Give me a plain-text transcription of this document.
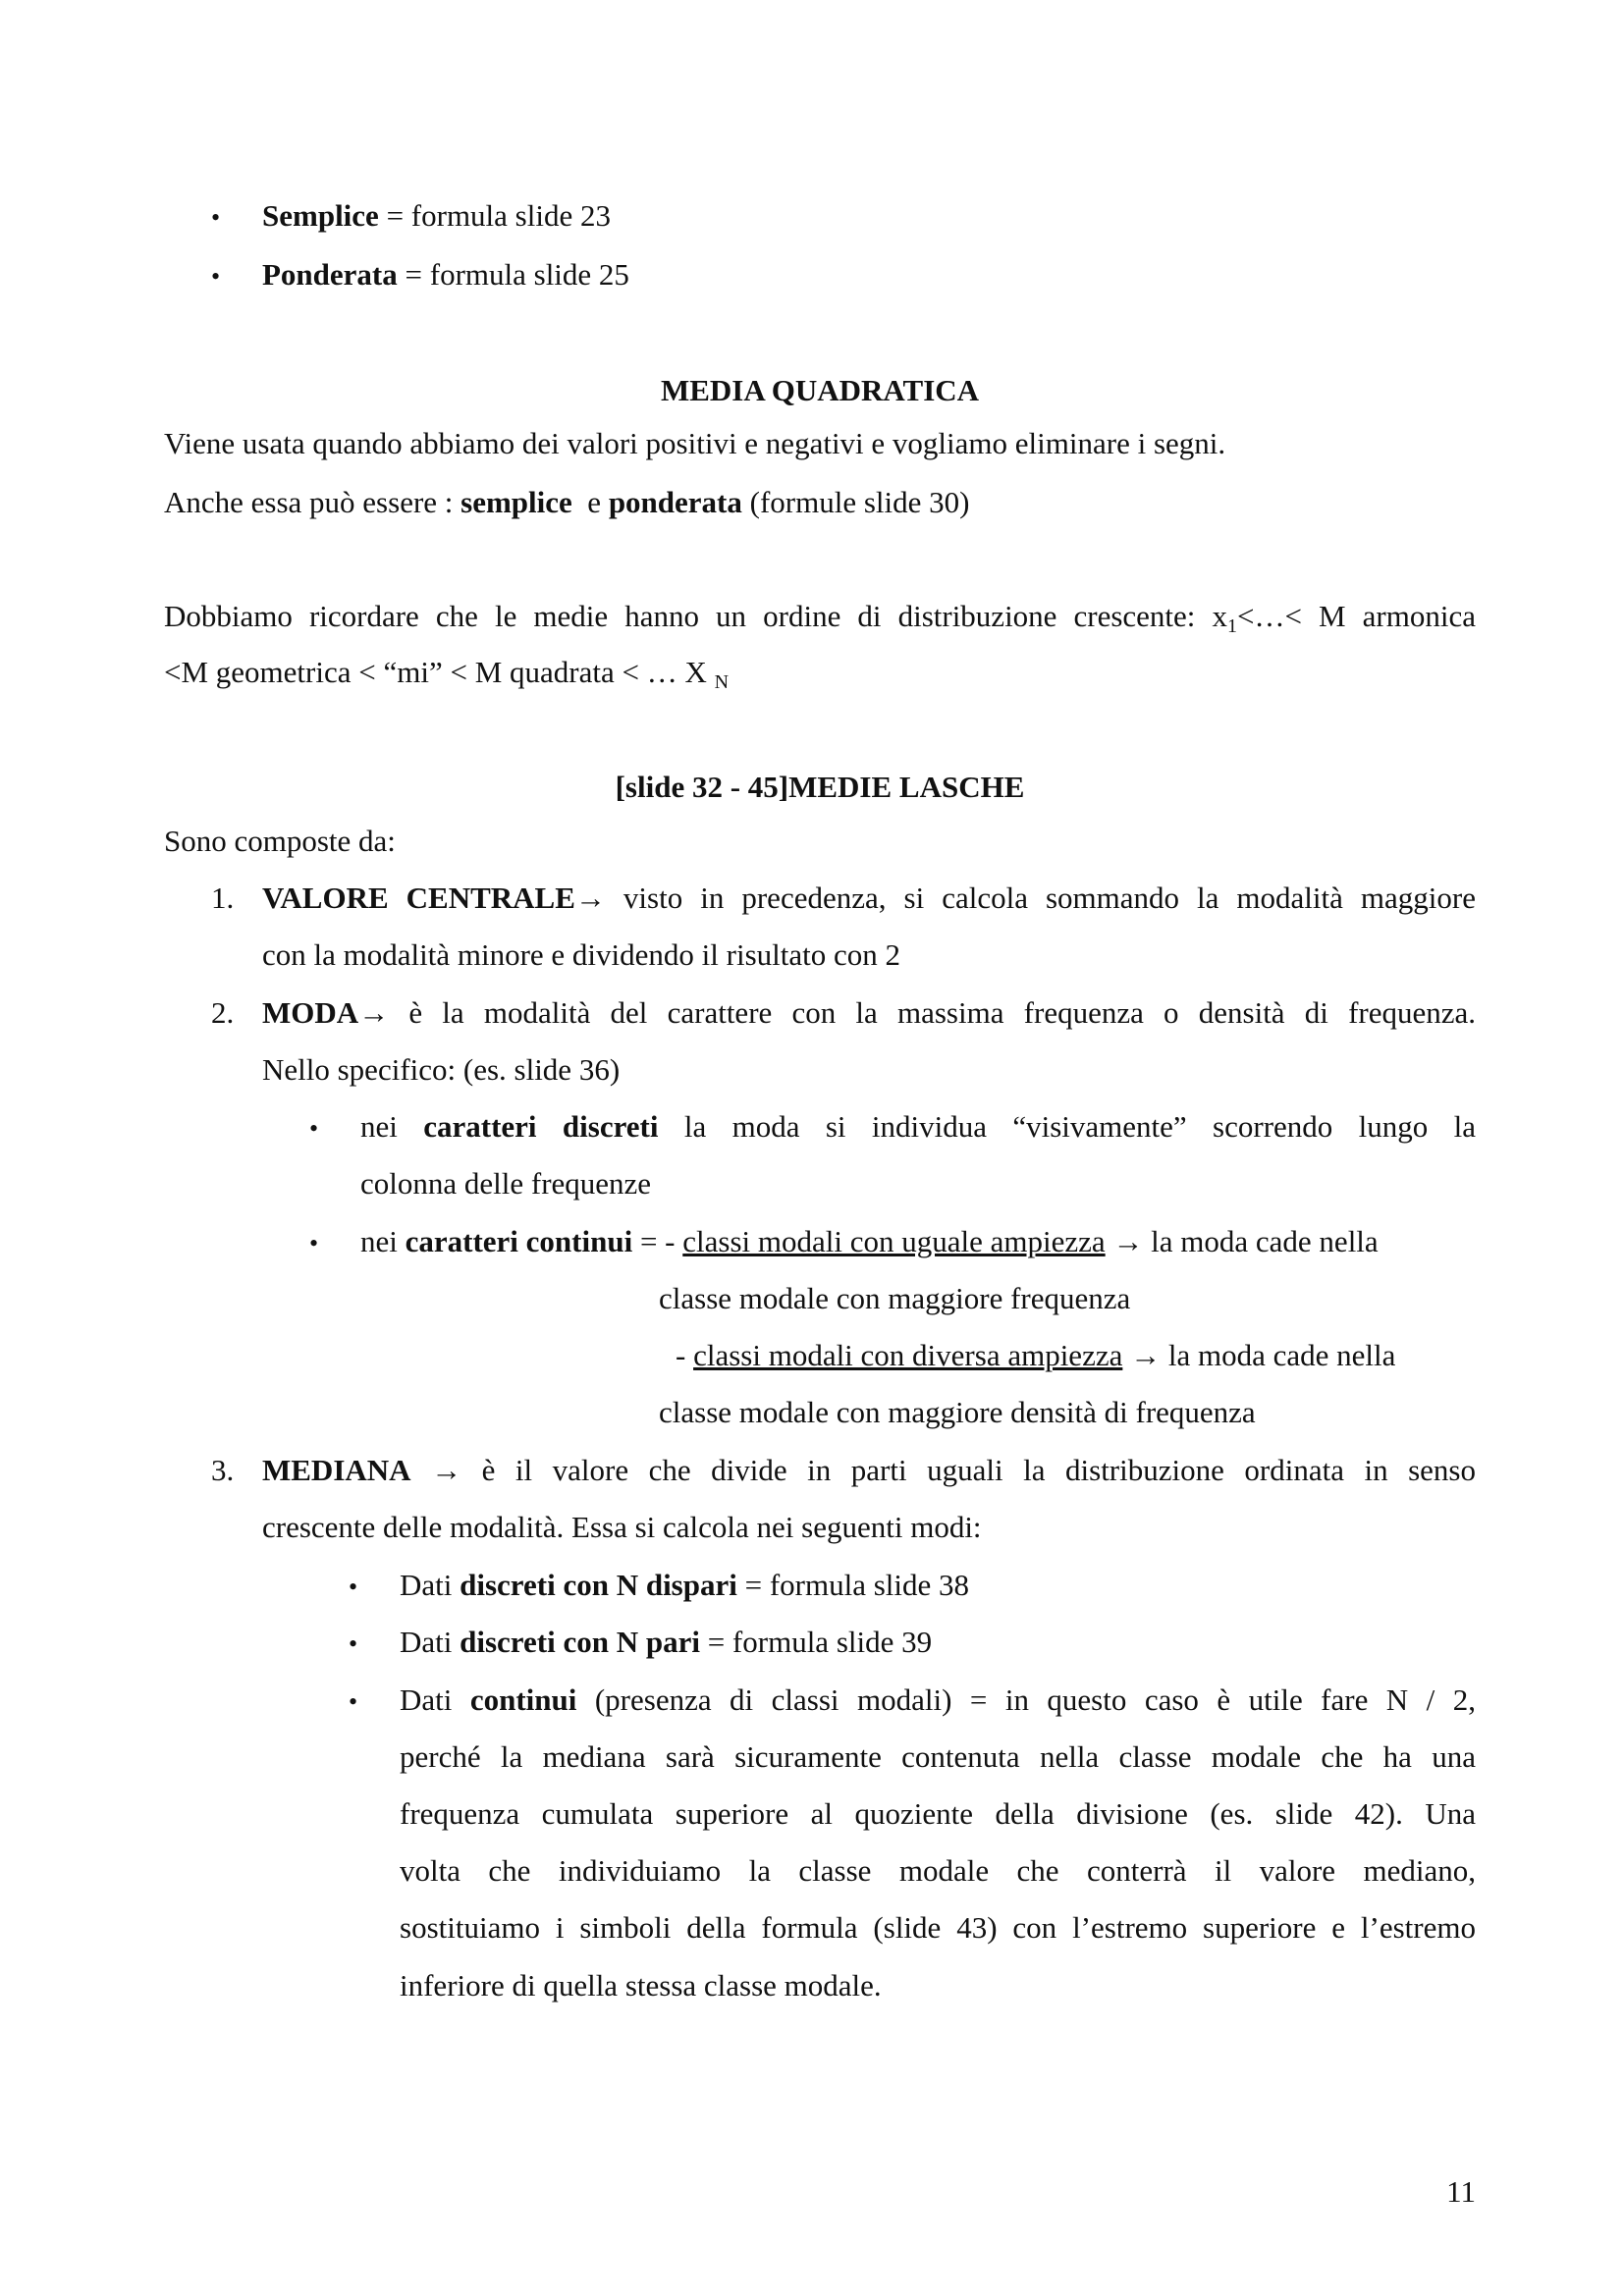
•
Semplice = formula slide 23
•
Ponderata = formula slide 25
MEDIA QUADRATICA
Viene usata quando abbiamo dei valori positivi e negativi e vogliamo eliminare i segni.
Anche essa può essere : semplice  e ponderata (formule slide 30)
Dobbiamo ricordare che le medie hanno un ordine di distribuzione crescente: $x_1<\dots< M$ armonica
<M geometrica < “mi” < M quadrata < … X $_N$
[slide 32 - 45]MEDIE LASCHE
Sono composte da:
1. VALORE CENTRALE→ visto in precedenza, si calcola sommando la modalità maggiore
con la modalità minore e dividendo il risultato con 2
2. MODA→ è la modalità del carattere con la massima frequenza o densità di frequenza.
Nello specifico: (es. slide 36)
•
nei caratteri discreti la moda si individua “visivamente” scorrendo lungo la
colonna delle frequenze
•
nei caratteri continui = - classi modali con uguale ampiezza → la moda cade nella
classe modale con maggiore frequenza
- classi modali con diversa ampiezza → la moda cade nella
classe modale con maggiore densità di frequenza
3. MEDIANA → è il valore che divide in parti uguali la distribuzione ordinata in senso
crescente delle modalità. Essa si calcola nei seguenti modi:
•
Dati discreti con N dispari = formula slide 38
•
Dati discreti con N pari = formula slide 39
•
Dati continui (presenza di classi modali) = in questo caso è utile fare N / 2,
perché la mediana sarà sicuramente contenuta nella classe modale che ha una
frequenza cumulata superiore al quoziente della divisione (es. slide 42). Una
volta che individuiamo la classe modale che conterrà il valore mediano,
sostituiamo i simboli della formula (slide 43) con l’estremo superiore e l’estremo
inferiore di quella stessa classe modale.
11
